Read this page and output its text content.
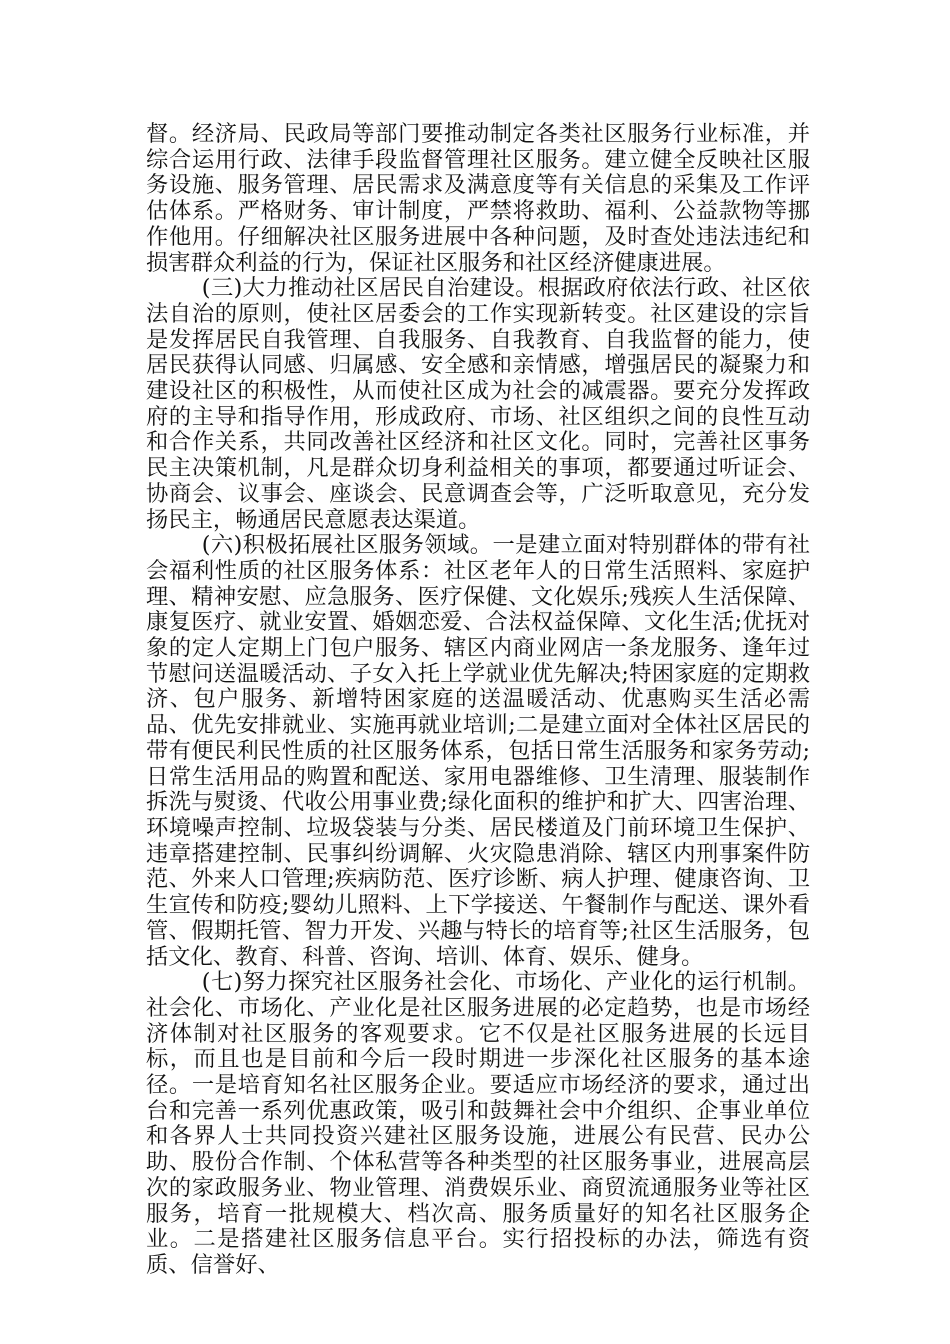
督。经济局、民政局等部门要推动制定各类社区服务行业标准，并综合运用行政、法律手段监督管理社区服务。建立健全反映社区服务设施、服务管理、居民需求及满意度等有关信息的采集及工作评估体系。严格财务、审计制度，严禁将救助、福利、公益款物等挪作他用。仔细解决社区服务进展中各种问题，及时查处违法违纪和损害群众利益的行为，保证社区服务和社区经济健康进展。

(三)大力推动社区居民自治建设。根据政府依法行政、社区依法自治的原则，使社区居委会的工作实现新转变。社区建设的宗旨是发挥居民自我管理、自我服务、自我教育、自我监督的能力，使居民获得认同感、归属感、安全感和亲情感，增强居民的凝聚力和建设社区的积极性，从而使社区成为社会的减震器。要充分发挥政府的主导和指导作用，形成政府、市场、社区组织之间的良性互动和合作关系，共同改善社区经济和社区文化。同时，完善社区事务民主决策机制，凡是群众切身利益相关的事项，都要通过听证会、协商会、议事会、座谈会、民意调查会等，广泛听取意见，充分发扬民主，畅通居民意愿表达渠道。

(六)积极拓展社区服务领域。一是建立面对特别群体的带有社会福利性质的社区服务体系：社区老年人的日常生活照料、家庭护理、精神安慰、应急服务、医疗保健、文化娱乐;残疾人生活保障、康复医疗、就业安置、婚姻恋爱、合法权益保障、文化生活;优抚对象的定人定期上门包户服务、辖区内商业网店一条龙服务、逢年过节慰问送温暖活动、子女入托上学就业优先解决;特困家庭的定期救济、包户服务、新增特困家庭的送温暖活动、优惠购买生活必需品、优先安排就业、实施再就业培训;二是建立面对全体社区居民的带有便民利民性质的社区服务体系，包括日常生活服务和家务劳动;日常生活用品的购置和配送、家用电器维修、卫生清理、服装制作拆洗与熨烫、代收公用事业费;绿化面积的维护和扩大、四害治理、环境噪声控制、垃圾袋装与分类、居民楼道及门前环境卫生保护、违章搭建控制、民事纠纷调解、火灾隐患消除、辖区内刑事案件防范、外来人口管理;疾病防范、医疗诊断、病人护理、健康咨询、卫生宣传和防疫;婴幼儿照料、上下学接送、午餐制作与配送、课外看管、假期托管、智力开发、兴趣与特长的培育等;社区生活服务，包括文化、教育、科普、咨询、培训、体育、娱乐、健身。

(七)努力探究社区服务社会化、市场化、产业化的运行机制。社会化、市场化、产业化是社区服务进展的必定趋势，也是市场经济体制对社区服务的客观要求。它不仅是社区服务进展的长远目标，而且也是目前和今后一段时期进一步深化社区服务的基本途径。一是培育知名社区服务企业。要适应市场经济的要求，通过出台和完善一系列优惠政策，吸引和鼓舞社会中介组织、企事业单位和各界人士共同投资兴建社区服务设施，进展公有民营、民办公助、股份合作制、个体私营等各种类型的社区服务事业，进展高层次的家政服务业、物业管理、消费娱乐业、商贸流通服务业等社区服务，培育一批规模大、档次高、服务质量好的知名社区服务企业。二是搭建社区服务信息平台。实行招投标的办法，筛选有资质、信誉好、
